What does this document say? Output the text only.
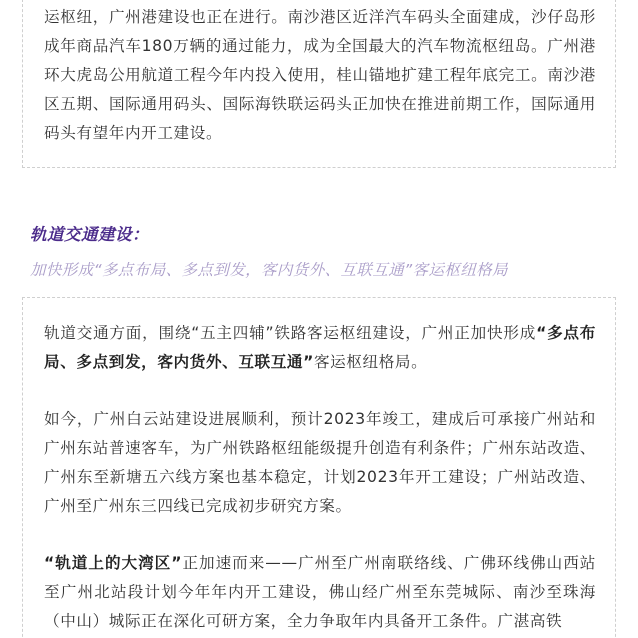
运枢纽，广州港建设也正在进行。南沙港区近洋汽车码头全面建成，沙仔岛形成年商品汽车180万辆的通过能力，成为全国最大的汽车物流枢纽岛。广州港环大虎岛公用航道工程今年内投入使用，桂山锚地扩建工程年底完工。南沙港区五期、国际通用码头、国际海铁联运码头正加快在推进前期工作，国际通用码头有望年内开工建设。

轨道交通建设：

加快形成“多点布局、多点到发，客内货外、互联互通”客运枢纽格局

轨道交通方面，围绕“五主四辅”铁路客运枢纽建设，广州正加快形成“多点布局、多点到发，客内货外、互联互通”客运枢纽格局。

如今，广州白云站建设进展顺利，预计2023年竣工，建成后可承接广州站和广州东站普速客车，为广州铁路枢纽能级提升创造有利条件；广州东站改造、广州东至新塘五六线方案也基本稳定，计划2023年开工建设；广州站改造、广州至广州东三四线已完成初步研究方案。

“轨道上的大湾区”正加速而来——广州至广州南联络线、广佛环线佛山西站至广州北站段计划今年年内开工建设，佛山经广州至东莞城际、南沙至珠海（中山）城际正在深化可研方案，全力争取年内具备开工条件。广湛高铁
